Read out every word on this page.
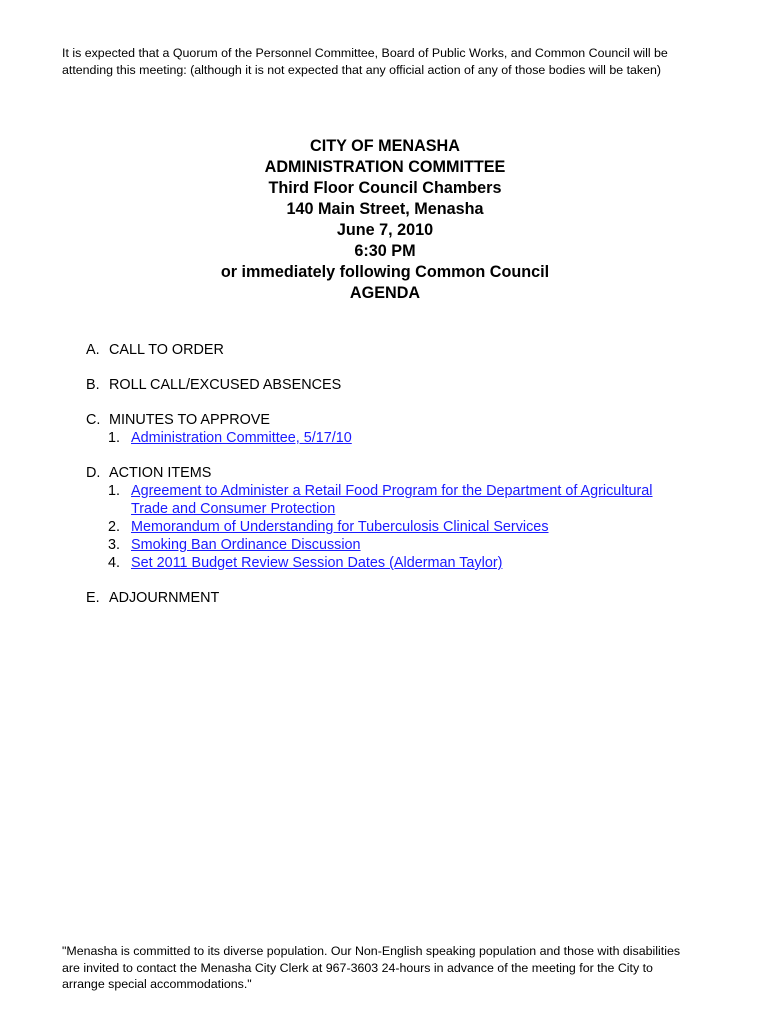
It is expected that a Quorum of the Personnel Committee, Board of Public Works, and Common Council will be
attending this meeting: (although it is not expected that any official action of any of those bodies will be taken)
CITY OF MENASHA
ADMINISTRATION COMMITTEE
Third Floor Council Chambers
140 Main Street, Menasha
June 7, 2010
6:30 PM
or immediately following Common Council
AGENDA
A. CALL TO ORDER
B. ROLL CALL/EXCUSED ABSENCES
C. MINUTES TO APPROVE
1. Administration Committee, 5/17/10
D. ACTION ITEMS
1. Agreement to Administer a Retail Food Program for the Department of Agricultural
Trade and Consumer Protection
2. Memorandum of Understanding for Tuberculosis Clinical Services
3. Smoking Ban Ordinance Discussion
4. Set 2011 Budget Review Session Dates (Alderman Taylor)
E. ADJOURNMENT
"Menasha is committed to its diverse population. Our Non-English speaking population and those with disabilities
are invited to contact the Menasha City Clerk at 967-3603 24-hours in advance of the meeting for the City to
arrange special accommodations."
